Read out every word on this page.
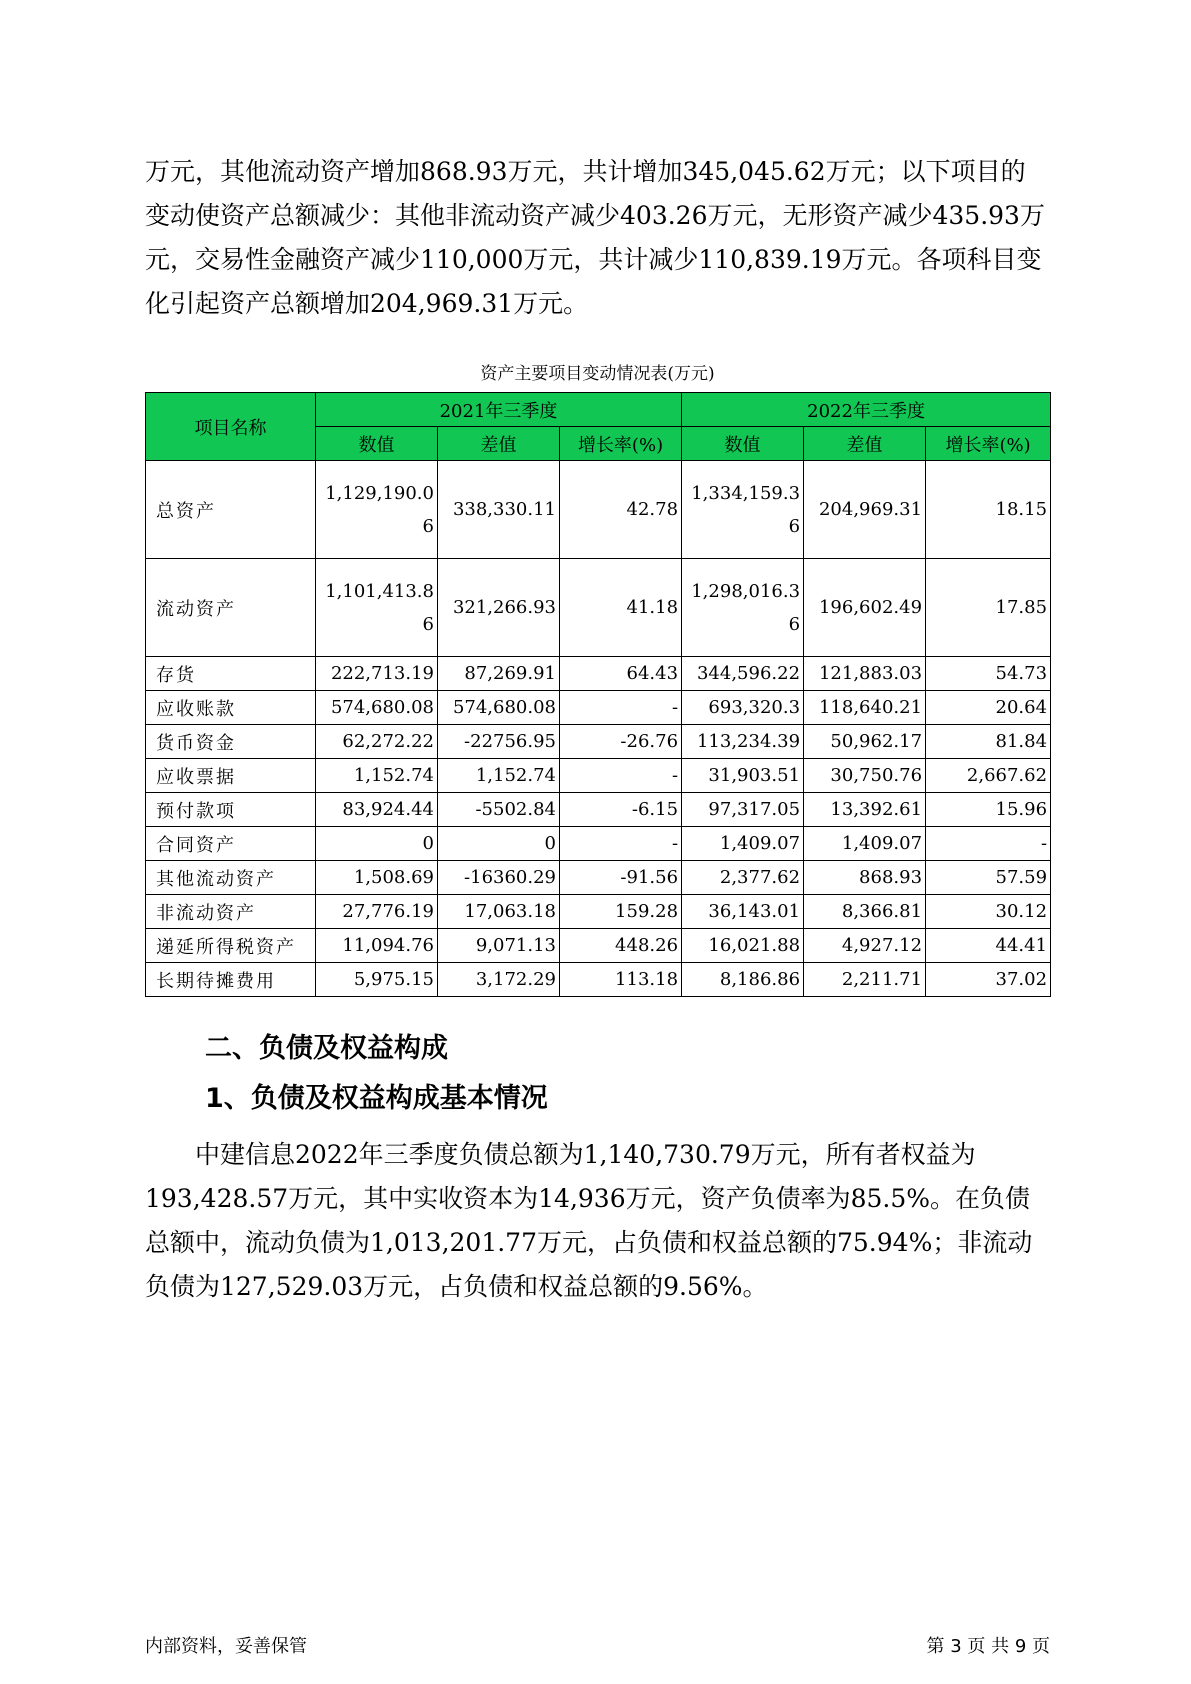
万元，其他流动资产增加868.93万元，共计增加345,045.62万元；以下项目的变动使资产总额减少：其他非流动资产减少403.26万元，无形资产减少435.93万元，交易性金融资产减少110,000万元，共计减少110,839.19万元。各项科目变化引起资产总额增加204,969.31万元。

资产主要项目变动情况表(万元)
项目名称	2021年三季度			2022年三季度		
	数值	差值	增长率(%)	数值	差值	增长率(%)
总资产	1,129,190.06	338,330.11	42.78	1,334,159.36	204,969.31	18.15
流动资产	1,101,413.86	321,266.93	41.18	1,298,016.36	196,602.49	17.85
存货	222,713.19	87,269.91	64.43	344,596.22	121,883.03	54.73
应收账款	574,680.08	574,680.08	-	693,320.3	118,640.21	20.64
货币资金	62,272.22	-22756.95	-26.76	113,234.39	50,962.17	81.84
应收票据	1,152.74	1,152.74	-	31,903.51	30,750.76	2,667.62
预付款项	83,924.44	-5502.84	-6.15	97,317.05	13,392.61	15.96
合同资产	0	0	-	1,409.07	1,409.07	-
其他流动资产	1,508.69	-16360.29	-91.56	2,377.62	868.93	57.59
非流动资产	27,776.19	17,063.18	159.28	36,143.01	8,366.81	30.12
递延所得税资产	11,094.76	9,071.13	448.26	16,021.88	4,927.12	44.41
长期待摊费用	5,975.15	3,172.29	113.18	8,186.86	2,211.71	37.02
二、负债及权益构成
1、负债及权益构成基本情况

中建信息2022年三季度负债总额为1,140,730.79万元，所有者权益为193,428.57万元，其中实收资本为14,936万元，资产负债率为85.5%。在负债总额中，流动负债为1,013,201.77万元，占负债和权益总额的75.94%；非流动负债为127,529.03万元，占负债和权益总额的9.56%。

内部资料，妥善保管	第 3 页 共 9 页
